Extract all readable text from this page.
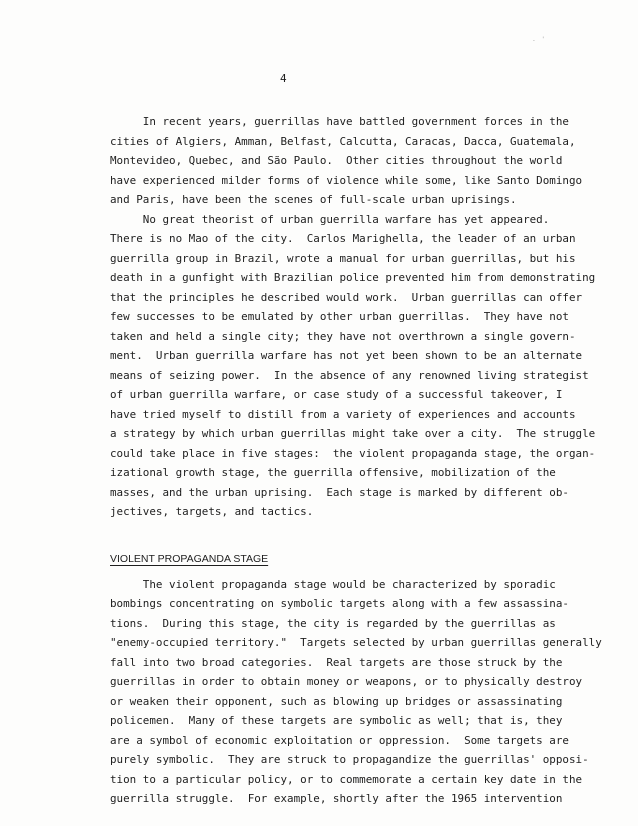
. '
4
In recent years, guerrillas have battled government forces in the
cities of Algiers, Amman, Belfast, Calcutta, Caracas, Dacca, Guatemala,
Montevideo, Quebec, and São Paulo.  Other cities throughout the world
have experienced milder forms of violence while some, like Santo Domingo
and Paris, have been the scenes of full-scale urban uprisings.
No great theorist of urban guerrilla warfare has yet appeared.
There is no Mao of the city.  Carlos Marighella, the leader of an urban
guerrilla group in Brazil, wrote a manual for urban guerrillas, but his
death in a gunfight with Brazilian police prevented him from demonstrating
that the principles he described would work.  Urban guerrillas can offer
few successes to be emulated by other urban guerrillas.  They have not
taken and held a single city; they have not overthrown a single govern-
ment.  Urban guerrilla warfare has not yet been shown to be an alternate
means of seizing power.  In the absence of any renowned living strategist
of urban guerrilla warfare, or case study of a successful takeover, I
have tried myself to distill from a variety of experiences and accounts
a strategy by which urban guerrillas might take over a city.  The struggle
could take place in five stages:  the violent propaganda stage, the organ-
izational growth stage, the guerrilla offensive, mobilization of the
masses, and the urban uprising.  Each stage is marked by different ob-
jectives, targets, and tactics.
VIOLENT PROPAGANDA STAGE
The violent propaganda stage would be characterized by sporadic
bombings concentrating on symbolic targets along with a few assassina-
tions.  During this stage, the city is regarded by the guerrillas as
"enemy-occupied territory."  Targets selected by urban guerrillas generally
fall into two broad categories.  Real targets are those struck by the
guerrillas in order to obtain money or weapons, or to physically destroy
or weaken their opponent, such as blowing up bridges or assassinating
policemen.  Many of these targets are symbolic as well; that is, they
are a symbol of economic exploitation or oppression.  Some targets are
purely symbolic.  They are struck to propagandize the guerrillas' opposi-
tion to a particular policy, or to commemorate a certain key date in the
guerrilla struggle.  For example, shortly after the 1965 intervention
